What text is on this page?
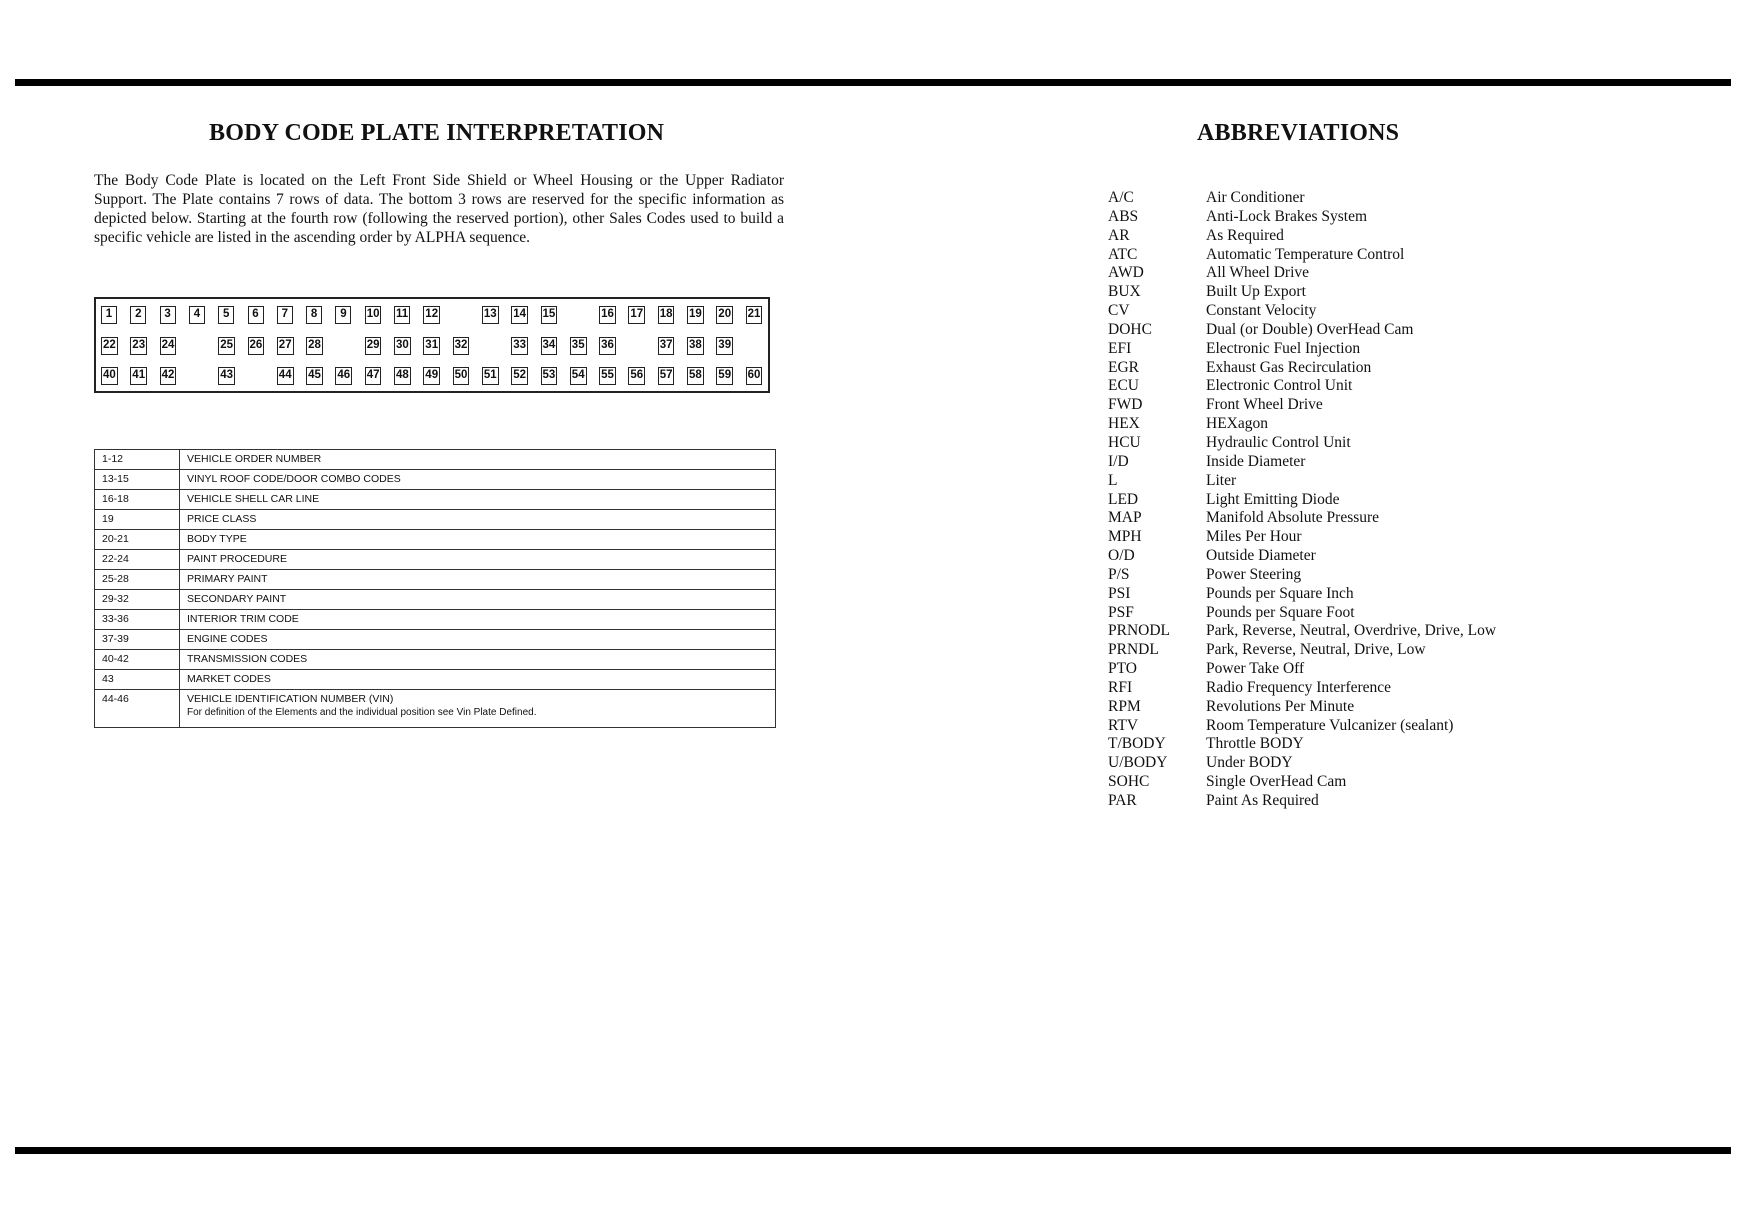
BODY CODE PLATE INTERPRETATION

The Body Code Plate is located on the Left Front Side Shield or Wheel Housing or the Upper Radiator Support. The Plate contains 7 rows of data. The bottom 3 rows are reserved for the specific information as depicted below. Starting at the fourth row (following the reserved portion), other Sales Codes used to build a specific vehicle are listed in the ascending order by ALPHA sequence.

1	2	3	4	5	6	7	8	9	10 11 12	13 14 15	16 17 18 19 20 21
22 23 24	25 26 27 28	29 30 31 32	33 34 35 36	37 38 39
40 41 42	43	44 45 46 47 48 49 50 51 52 53 54 55 56 57 58 59 60
1-12	VEHICLE ORDER NUMBER
13-15	VINYL ROOF CODE/DOOR COMBO CODES
16-18	VEHICLE SHELL CAR LINE
19	PRICE CLASS
20-21	BODY TYPE
22-24	PAINT PROCEDURE
25-28	PRIMARY PAINT
29-32	SECONDARY PAINT
33-36	INTERIOR TRIM CODE
37-39	ENGINE CODES
40-42	TRANSMISSION CODES
43	MARKET CODES
44-46	VEHICLE IDENTIFICATION NUMBER (VIN)
For definition of the Elements and the individual position see Vin Plate Defined.
ABBREVIATIONS
A/C	Air Conditioner
ABS	Anti-Lock Brakes System
AR	As Required
ATC	Automatic Temperature Control
AWD	All Wheel Drive
BUX	Built Up Export
CV	Constant Velocity
DOHC	Dual (or Double) OverHead Cam
EFI	Electronic Fuel Injection
EGR	Exhaust Gas Recirculation
ECU	Electronic Control Unit
FWD	Front Wheel Drive
HEX	HEXagon
HCU	Hydraulic Control Unit
I/D	Inside Diameter
L	Liter
LED	Light Emitting Diode
MAP	Manifold Absolute Pressure
MPH	Miles Per Hour
O/D	Outside Diameter
P/S	Power Steering
PSI	Pounds per Square Inch
PSF	Pounds per Square Foot
PRNODL Park, Reverse, Neutral, Overdrive, Drive, Low
PRNDL	Park, Reverse, Neutral, Drive, Low
PTO	Power Take Off
RFI	Radio Frequency Interference
RPM	Revolutions Per Minute
RTV	Room Temperature Vulcanizer (sealant)
T/BODY	Throttle BODY
U/BODY Under BODY
SOHC	Single OverHead Cam
PAR	Paint As Required
